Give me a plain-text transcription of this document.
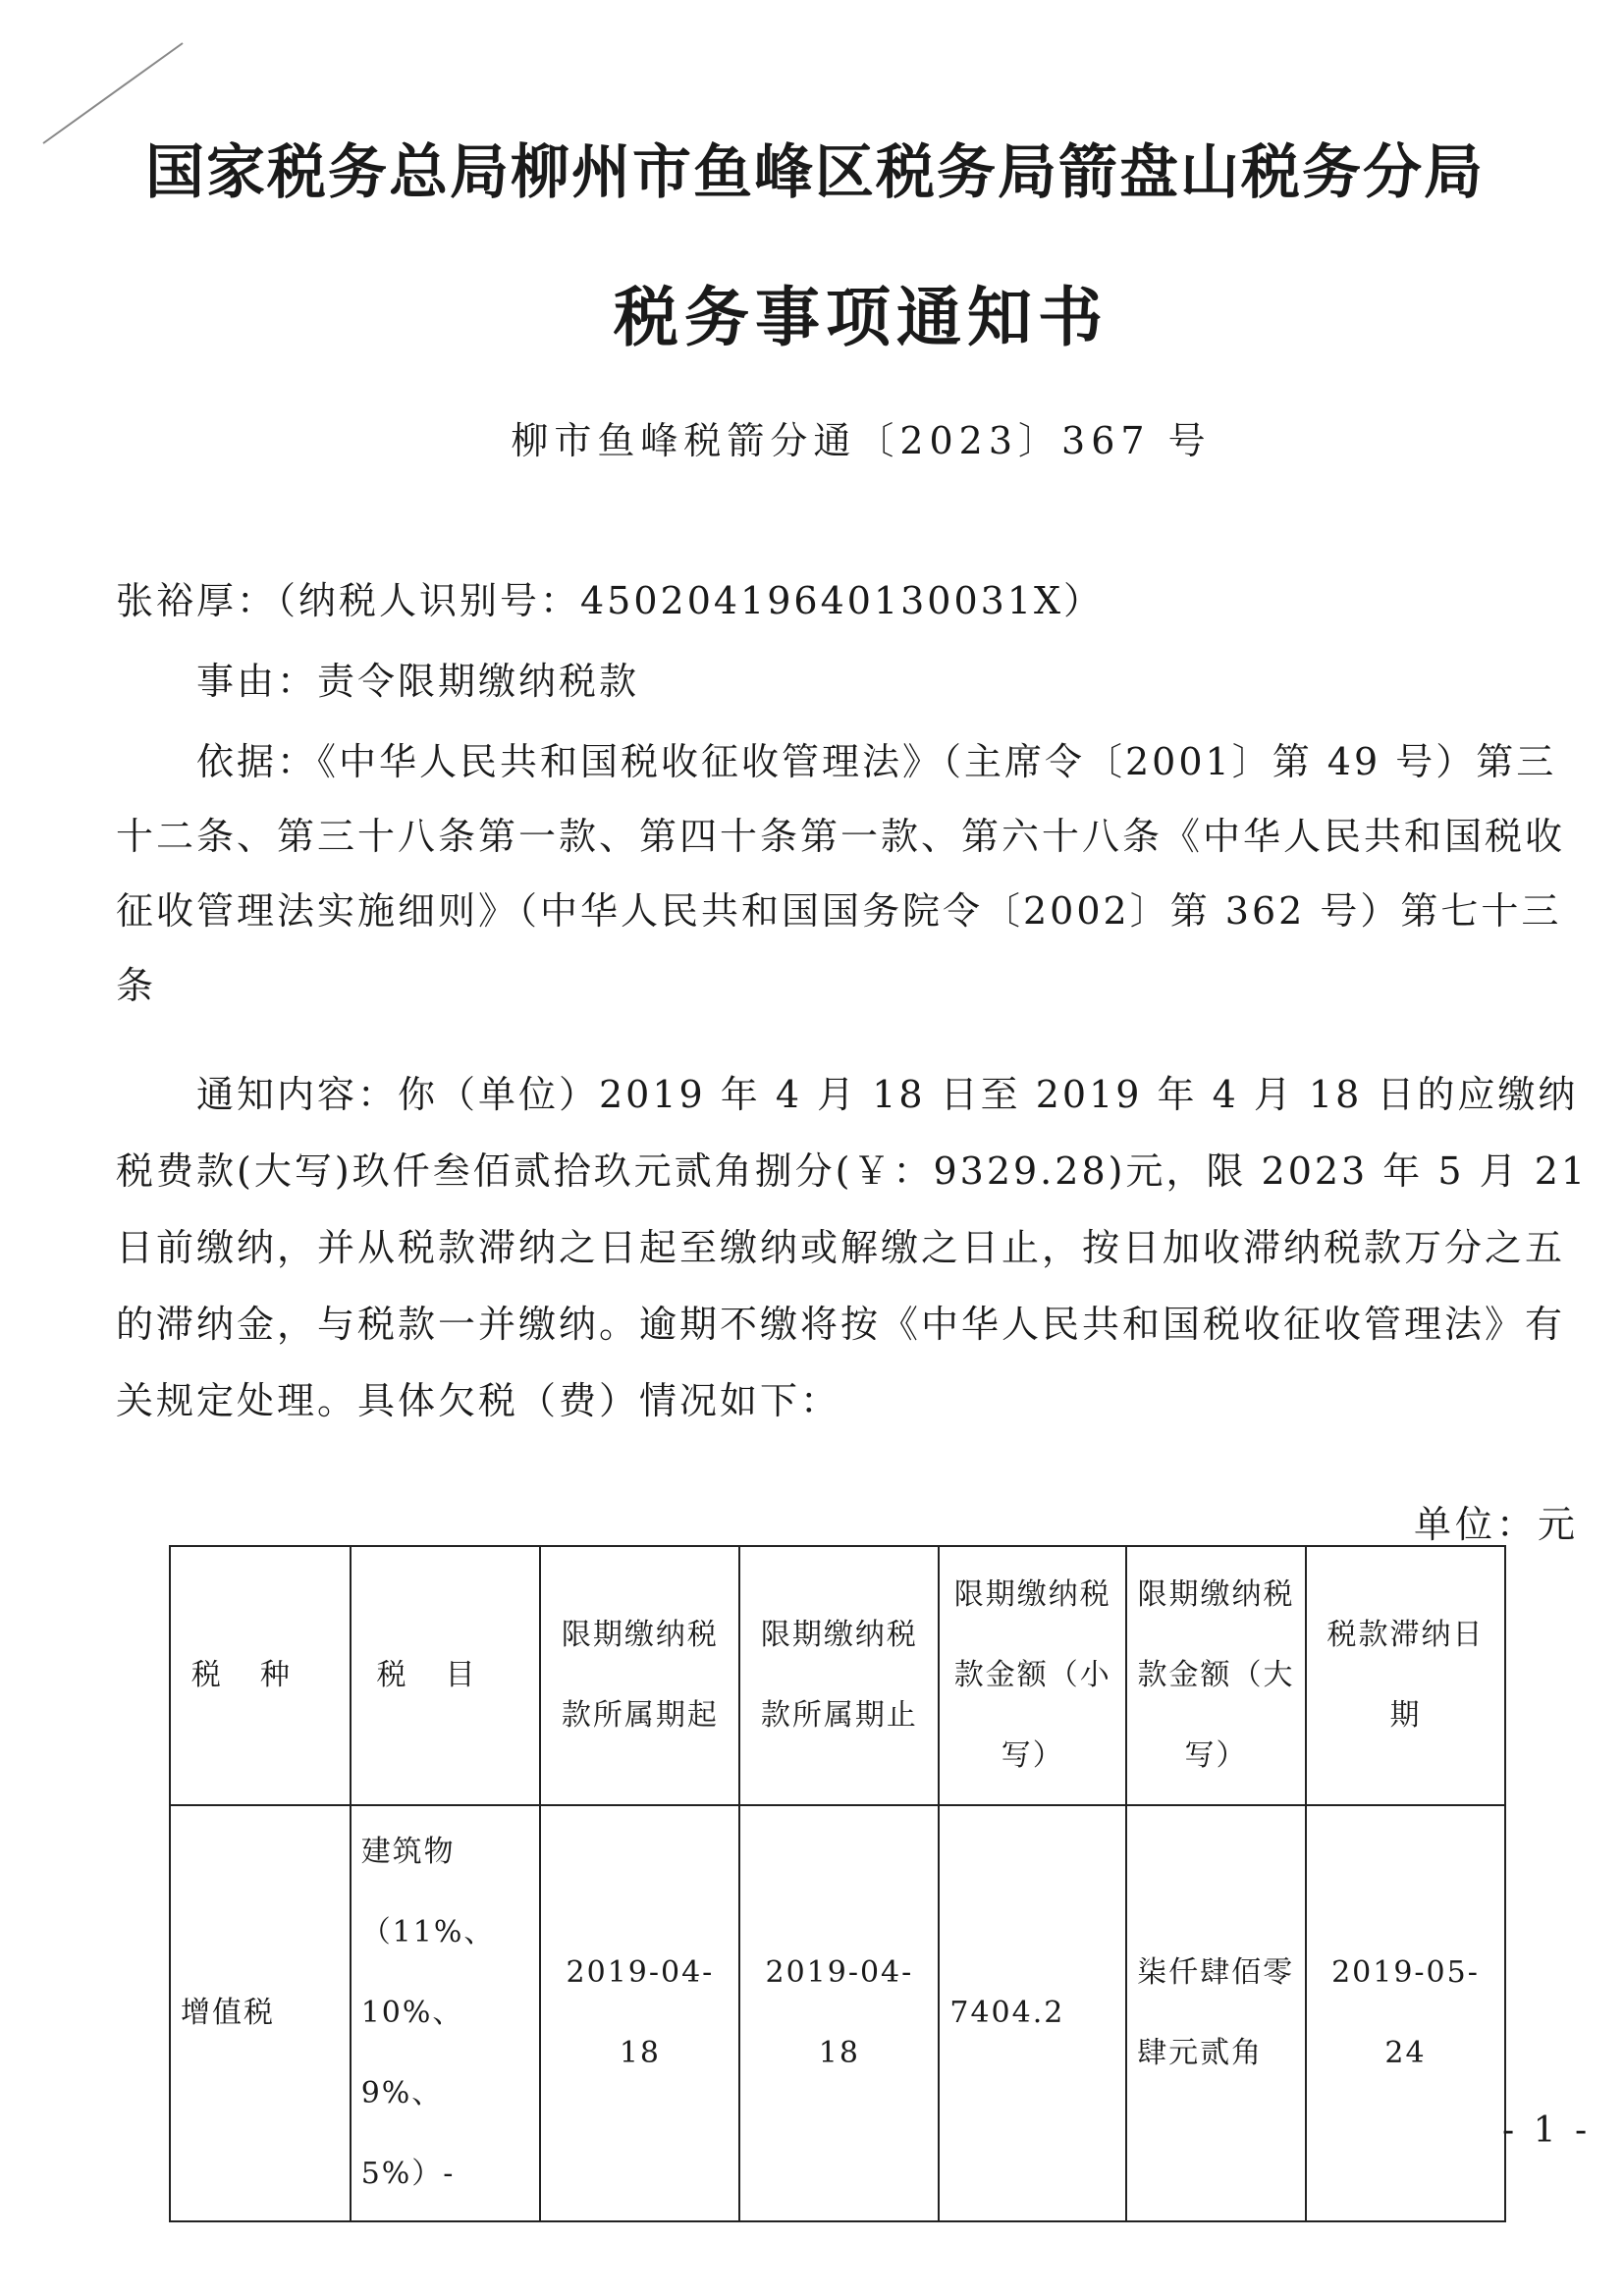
国家税务总局柳州市鱼峰区税务局箭盘山税务分局
税务事项通知书
柳市鱼峰税箭分通〔2023〕367 号

张裕厚：（纳税人识别号：45020419640130031X）

事由：责令限期缴纳税款

依据：《中华人民共和国税收征收管理法》（主席令〔2001〕第 49 号）第三十二条、第三十八条第一款、第四十条第一款、第六十八条《中华人民共和国税收征收管理法实施细则》（中华人民共和国国务院令〔2002〕第 362 号）第七十三条

通知内容：你（单位）2019 年 4 月 18 日至 2019 年 4 月 18 日的应缴纳税费款(大写)玖仟叁佰贰拾玖元贰角捌分(￥：9329.28)元，限 2023 年 5 月 21 日前缴纳，并从税款滞纳之日起至缴纳或解缴之日止，按日加收滞纳税款万分之五的滞纳金，与税款一并缴纳。逾期不缴将按《中华人民共和国税收征收管理法》有关规定处理。具体欠税（费）情况如下：

单位：元
税种	税目	限期缴纳税款所属期起	限期缴纳税款所属期止	限期缴纳税款金额（小写）	限期缴纳税款金额（大写）	税款滞纳日期
增值税	建筑物（11%、10%、9%、5%）-	2019-04-18	2019-04-18	7404.2	柒仟肆佰零肆元贰角	2019-05-24
- 1 -
